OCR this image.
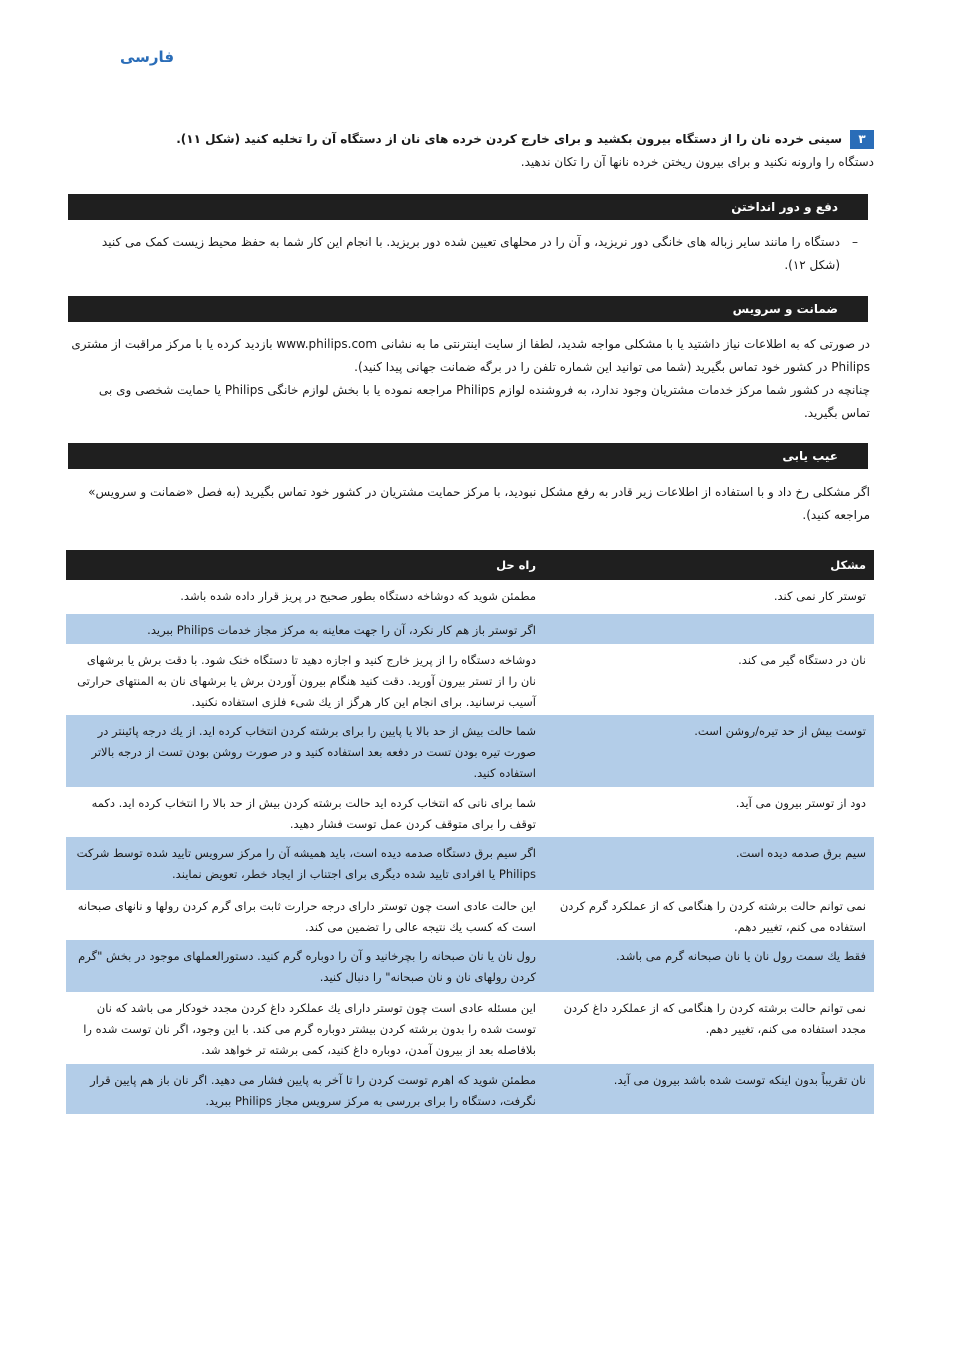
فارسی
۳سینی خرده نان را از دستگاه بیرون بکشید و برای خارج کردن خرده های نان از دستگاه آن را تخلیه کنید (شکل ۱۱).
دستگاه را وارونه نکنید و برای بیرون ریختن خرده نانها آن را تکان ندهید.
دفع و دور انداختن
–
دستگاه را مانند سایر زباله های خانگی دور نریزید، و آن را در محلهای تعیین شده دور بریزید. با انجام این کار شما به حفظ محیط زیست کمک می کنید (شکل ۱۲).
ضمانت و سرویس
در صورتی که به اطلاعات نیاز داشتید یا با مشکلی مواجه شدید، لطفا از سایت اینترنتی ما به نشانی www.philips.com بازدید کرده یا با مرکز مراقبت از مشتری Philips در کشور خود تماس بگیرید (شما می توانید این شماره تلفن را در برگه ضمانت جهانی پیدا کنید).
چنانچه در کشور شما مرکز خدمات مشتریان وجود ندارد، به فروشنده لوازم Philips مراجعه نموده یا با بخش لوازم خانگی Philips یا حمایت شخصی وی بی تماس بگیرید.
عیب یابی
اگر مشکلی رخ داد و با استفاده از اطلاعات زیر قادر به رفع مشکل نبودید، با مرکز حمایت مشتریان در کشور خود تماس بگیرید (به فصل «ضمانت و سرویس» مراجعه کنید).
مشکل
راه حل
توستر کار نمی کند.
مطمئن شوید که دوشاخه دستگاه بطور صحیح در پریز قرار داده شده باشد.
اگر توستر باز هم کار نکرد، آن را جهت معاینه به مرکز مجاز خدمات Philips ببرید.
نان در دستگاه گیر می کند.
دوشاخه دستگاه را از پریز خارج کنید و اجازه دهید تا دستگاه خنک شود. با دقت برش یا برشهای نان را از تستر بیرون آورید. دقت کنید هنگام بیرون آوردن برش یا برشهای نان به المنتهای حرارتی آسیب نرسانید. برای انجام این کار هرگز از یك شیء فلزی استفاده نکنید.
توست بیش از حد تیره/روشن است.
شما حالت بیش از حد بالا یا پایین را برای برشته کردن انتخاب کرده اید. از یك درجه پائینتر در صورت تیره بودن تست در دفعه بعد استفاده کنید و در صورت روشن بودن تست از درجه بالاتر استفاده کنید.
دود از توستر بیرون می آید.
شما برای نانی که انتخاب کرده اید حالت برشته کردن بیش از حد بالا را انتخاب کرده اید. دکمه توقف را برای متوقف کردن عمل توست فشار دهید.
سیم برق صدمه دیده است.
اگر سیم برق دستگاه صدمه دیده است، باید همیشه آن را مرکز سرویس تایید شده توسط شرکت Philips یا افرادی تایید شده دیگری برای اجتناب از ایجاد خطر، تعویض نمایند.
نمی توانم حالت برشته کردن را هنگامی که از عملکرد گرم کردن استفاده می کنم، تغییر دهم.
این حالت عادی است چون توستر دارای درجه حرارت ثابت برای گرم کردن رولها و نانهای صبحانه است که کسب یك نتیجه عالی را تضمین می کند.
فقط یك سمت رول نان یا نان صبحانه گرم می باشد.
رول نان یا نان صبحانه را بچرخانید و آن را دوباره گرم کنید. دستورالعملهای موجود در بخش "گرم کردن رولهای نان و نان صبحانه" را دنبال کنید.
نمی توانم حالت برشته کردن را هنگامی که از عملکرد داغ کردن مجدد استفاده می کنم، تغییر دهم.
این مسئله عادی است چون توستر دارای یك عملکرد داغ کردن مجدد خودکار می باشد که نان توست شده را بدون برشته کردن بیشتر دوباره گرم می کند. با این وجود، اگر نان توست شده را بلافاصله بعد از بیرون آمدن، دوباره داغ کنید، کمی برشته تر خواهد شد.
نان تقریباً بدون اینکه توست شده باشد بیرون می آید.
مطمئن شوید که اهرم توست کردن را تا آخر به پایین فشار می دهید. اگر نان باز هم پایین قرار نگرفت، دستگاه را برای بررسی به مرکز سرویس مجاز Philips ببرید.
